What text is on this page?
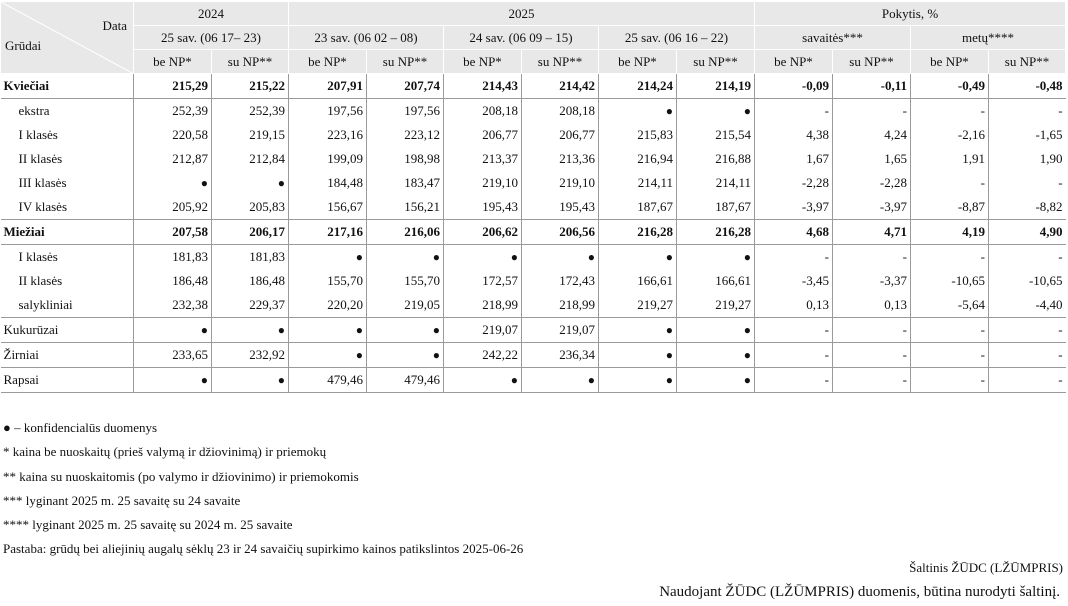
Data
Grūdai	2024		2025						Pokytis, %			
	25 sav. (06 17– 23)		23 sav. (06 02 – 08)		24 sav. (06 09 – 15)		25 sav. (06 16 – 22)		savaitės***		metų****	
	be NP*	su NP**	be NP*	su NP**	be NP*	su NP**	be NP*	su NP**	be NP*	su NP**	be NP*	su NP**
Kviečiai	215,29	215,22	207,91	207,74	214,43	214,42	214,24	214,19	-0,09	-0,11	-0,49	-0,48
ekstra	252,39	252,39	197,56	197,56	208,18	208,18	●	●	-	-	-	-
I klasės	220,58	219,15	223,16	223,12	206,77	206,77	215,83	215,54	4,38	4,24	-2,16	-1,65
II klasės	212,87	212,84	199,09	198,98	213,37	213,36	216,94	216,88	1,67	1,65	1,91	1,90
III klasės	●	●	184,48	183,47	219,10	219,10	214,11	214,11	-2,28	-2,28	-	-
IV klasės	205,92	205,83	156,67	156,21	195,43	195,43	187,67	187,67	-3,97	-3,97	-8,87	-8,82
Miežiai	207,58	206,17	217,16	216,06	206,62	206,56	216,28	216,28	4,68	4,71	4,19	4,90
I klasės	181,83	181,83	●	●	●	●	●	●	-	-	-	-
II klasės	186,48	186,48	155,70	155,70	172,57	172,43	166,61	166,61	-3,45	-3,37	-10,65	-10,65
salykliniai	232,38	229,37	220,20	219,05	218,99	218,99	219,27	219,27	0,13	0,13	-5,64	-4,40
Kukurūzai	●	●	●	●	219,07	219,07	●	●	-	-	-	-
Žirniai	233,65	232,92	●	●	242,22	236,34	●	●	-	-	-	-
Rapsai	●	●	479,46	479,46	●	●	●	●	-	-	-	-
● – konfidencialūs duomenys
* kaina be nuoskaitų (prieš valymą ir džiovinimą) ir priemokų
** kaina su nuoskaitomis (po valymo ir džiovinimo) ir priemokomis
*** lyginant 2025 m. 25 savaitę su 24 savaite
**** lyginant 2025 m. 25 savaitę su 2024 m. 25 savaite
Pastaba: grūdų bei aliejinių augalų sėklų 23 ir 24 savaičių supirkimo kainos patikslintos 2025-06-26
Šaltinis ŽŪDC (LŽŪMPRIS)
Naudojant ŽŪDC (LŽŪMPRIS) duomenis, būtina nurodyti šaltinį.
